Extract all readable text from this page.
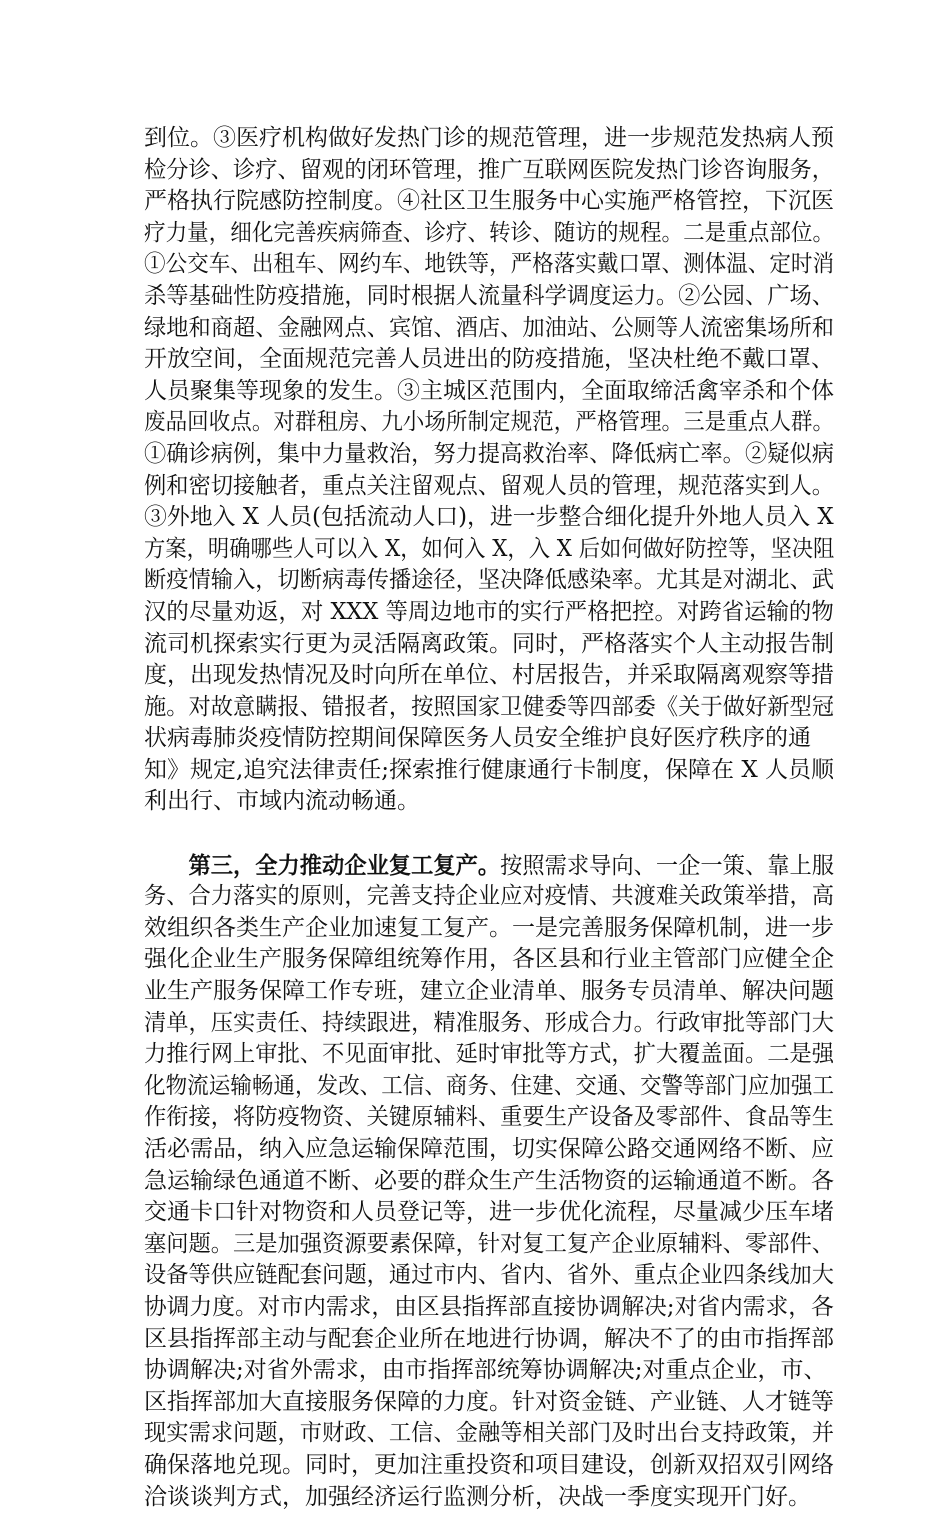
到位。③医疗机构做好发热门诊的规范管理，进一步规范发热病人预
检分诊、诊疗、留观的闭环管理，推广互联网医院发热门诊咨询服务，
严格执行院感防控制度。④社区卫生服务中心实施严格管控，下沉医
疗力量，细化完善疾病筛查、诊疗、转诊、随访的规程。二是重点部位。
①公交车、出租车、网约车、地铁等，严格落实戴口罩、测体温、定时消
杀等基础性防疫措施，同时根据人流量科学调度运力。②公园、广场、
绿地和商超、金融网点、宾馆、酒店、加油站、公厕等人流密集场所和
开放空间，全面规范完善人员进出的防疫措施，坚决杜绝不戴口罩、
人员聚集等现象的发生。③主城区范围内，全面取缔活禽宰杀和个体
废品回收点。对群租房、九小场所制定规范，严格管理。三是重点人群。
①确诊病例，集中力量救治，努力提高救治率、降低病亡率。②疑似病
例和密切接触者，重点关注留观点、留观人员的管理，规范落实到人。
③外地入 X 人员(包括流动人口)，进一步整合细化提升外地人员入 X
方案，明确哪些人可以入 X，如何入 X，入 X 后如何做好防控等，坚决阻
断疫情输入，切断病毒传播途径，坚决降低感染率。尤其是对湖北、武
汉的尽量劝返，对 XXX 等周边地市的实行严格把控。对跨省运输的物
流司机探索实行更为灵活隔离政策。同时，严格落实个人主动报告制
度，出现发热情况及时向所在单位、村居报告，并采取隔离观察等措
施。对故意瞒报、错报者，按照国家卫健委等四部委《关于做好新型冠
状病毒肺炎疫情防控期间保障医务人员安全维护良好医疗秩序的通
知》规定,追究法律责任;探索推行健康通行卡制度，保障在 X 人员顺
利出行、市域内流动畅通。
第三，全力推动企业复工复产。按照需求导向、一企一策、靠上服
务、合力落实的原则，完善支持企业应对疫情、共渡难关政策举措，高
效组织各类生产企业加速复工复产。一是完善服务保障机制，进一步
强化企业生产服务保障组统筹作用，各区县和行业主管部门应健全企
业生产服务保障工作专班，建立企业清单、服务专员清单、解决问题
清单，压实责任、持续跟进，精准服务、形成合力。行政审批等部门大
力推行网上审批、不见面审批、延时审批等方式，扩大覆盖面。二是强
化物流运输畅通，发改、工信、商务、住建、交通、交警等部门应加强工
作衔接，将防疫物资、关键原辅料、重要生产设备及零部件、食品等生
活必需品，纳入应急运输保障范围，切实保障公路交通网络不断、应
急运输绿色通道不断、必要的群众生产生活物资的运输通道不断。各
交通卡口针对物资和人员登记等，进一步优化流程，尽量减少压车堵
塞问题。三是加强资源要素保障，针对复工复产企业原辅料、零部件、
设备等供应链配套问题，通过市内、省内、省外、重点企业四条线加大
协调力度。对市内需求，由区县指挥部直接协调解决;对省内需求，各
区县指挥部主动与配套企业所在地进行协调，解决不了的由市指挥部
协调解决;对省外需求，由市指挥部统筹协调解决;对重点企业，市、
区指挥部加大直接服务保障的力度。针对资金链、产业链、人才链等
现实需求问题，市财政、工信、金融等相关部门及时出台支持政策，并
确保落地兑现。同时，更加注重投资和项目建设，创新双招双引网络
洽谈谈判方式，加强经济运行监测分析，决战一季度实现开门好。
